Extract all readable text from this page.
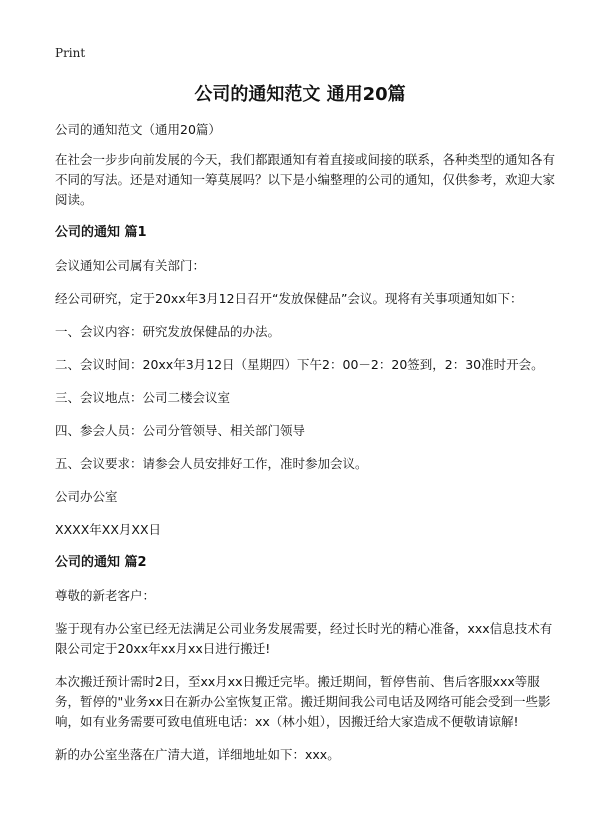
Print
公司的通知范文 通用20篇

公司的通知范文（通用20篇）

在社会一步步向前发展的今天，我们都跟通知有着直接或间接的联系，各种类型的通知各有不同的写法。还是对通知一筹莫展吗？以下是小编整理的公司的通知，仅供参考，欢迎大家阅读。

公司的通知 篇1

会议通知公司属有关部门：

经公司研究，定于20xx年3月12日召开“发放保健品”会议。现将有关事项通知如下：

一、会议内容：研究发放保健品的办法。

二、会议时间：20xx年3月12日（星期四）下午2：00－2：20签到，2：30准时开会。

三、会议地点：公司二楼会议室

四、参会人员：公司分管领导、相关部门领导

五、会议要求：请参会人员安排好工作，准时参加会议。

公司办公室

XXXX年XX月XX日

公司的通知 篇2

尊敬的新老客户：

鉴于现有办公室已经无法满足公司业务发展需要，经过长时光的精心准备，xxx信息技术有限公司定于20xx年xx月xx日进行搬迁!

本次搬迁预计需时2日，至xx月xx日搬迁完毕。搬迁期间，暂停售前、售后客服xxx等服务，暂停的"业务xx日在新办公室恢复正常。搬迁期间我公司电话及网络可能会受到一些影响，如有业务需要可致电值班电话：xx（林小姐），因搬迁给大家造成不便敬请谅解!

新的办公室坐落在广清大道，详细地址如下：xxx。
